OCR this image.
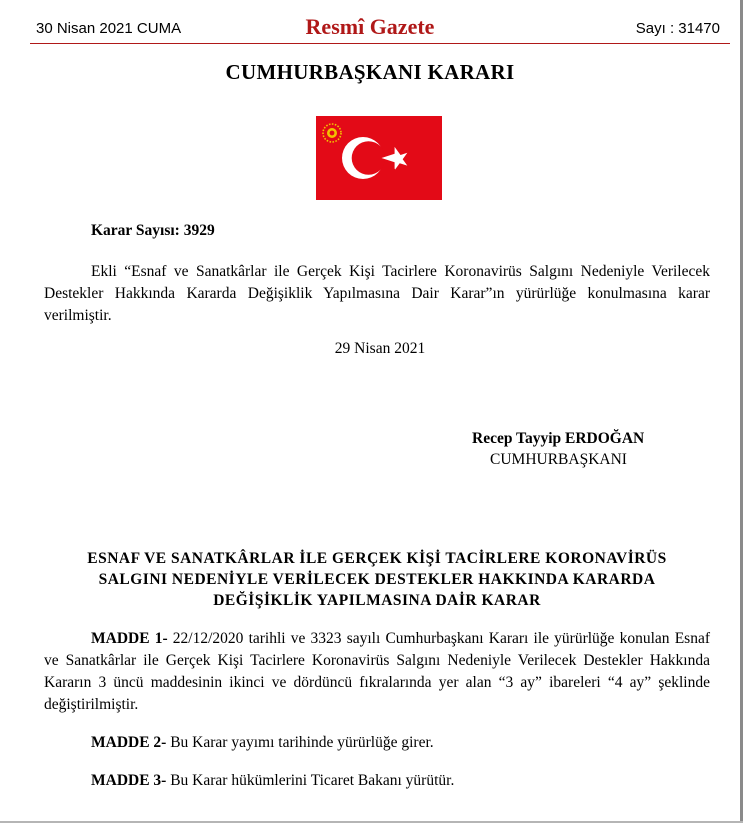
30 Nisan 2021 CUMA	Resmî Gazete	Sayı : 31470
CUMHURBAŞKANI KARARI
Karar Sayısı: 3929
Ekli “Esnaf ve Sanatkârlar ile Gerçek Kişi Tacirlere Koronavirüs Salgını Nedeniyle Verilecek Destekler Hakkında Kararda Değişiklik Yapılmasına Dair Karar”ın yürürlüğe konulmasına karar verilmiştir.
29 Nisan 2021
Recep Tayyip ERDOĞAN
CUMHURBAŞKANI
ESNAF VE SANATKÂRLAR İLE GERÇEK KİŞİ TACİRLERE KORONAVİRÜS
SALGINI NEDENİYLE VERİLECEK DESTEKLER HAKKINDA KARARDA
DEĞİŞİKLİK YAPILMASINA DAİR KARAR
MADDE 1- 22/12/2020 tarihli ve 3323 sayılı Cumhurbaşkanı Kararı ile yürürlüğe konulan Esnaf ve Sanatkârlar ile Gerçek Kişi Tacirlere Koronavirüs Salgını Nedeniyle Verilecek Destekler Hakkında Kararın 3 üncü maddesinin ikinci ve dördüncü fıkralarında yer alan “3 ay” ibareleri “4 ay” şeklinde değiştirilmiştir.
MADDE 2- Bu Karar yayımı tarihinde yürürlüğe girer.
MADDE 3- Bu Karar hükümlerini Ticaret Bakanı yürütür.
